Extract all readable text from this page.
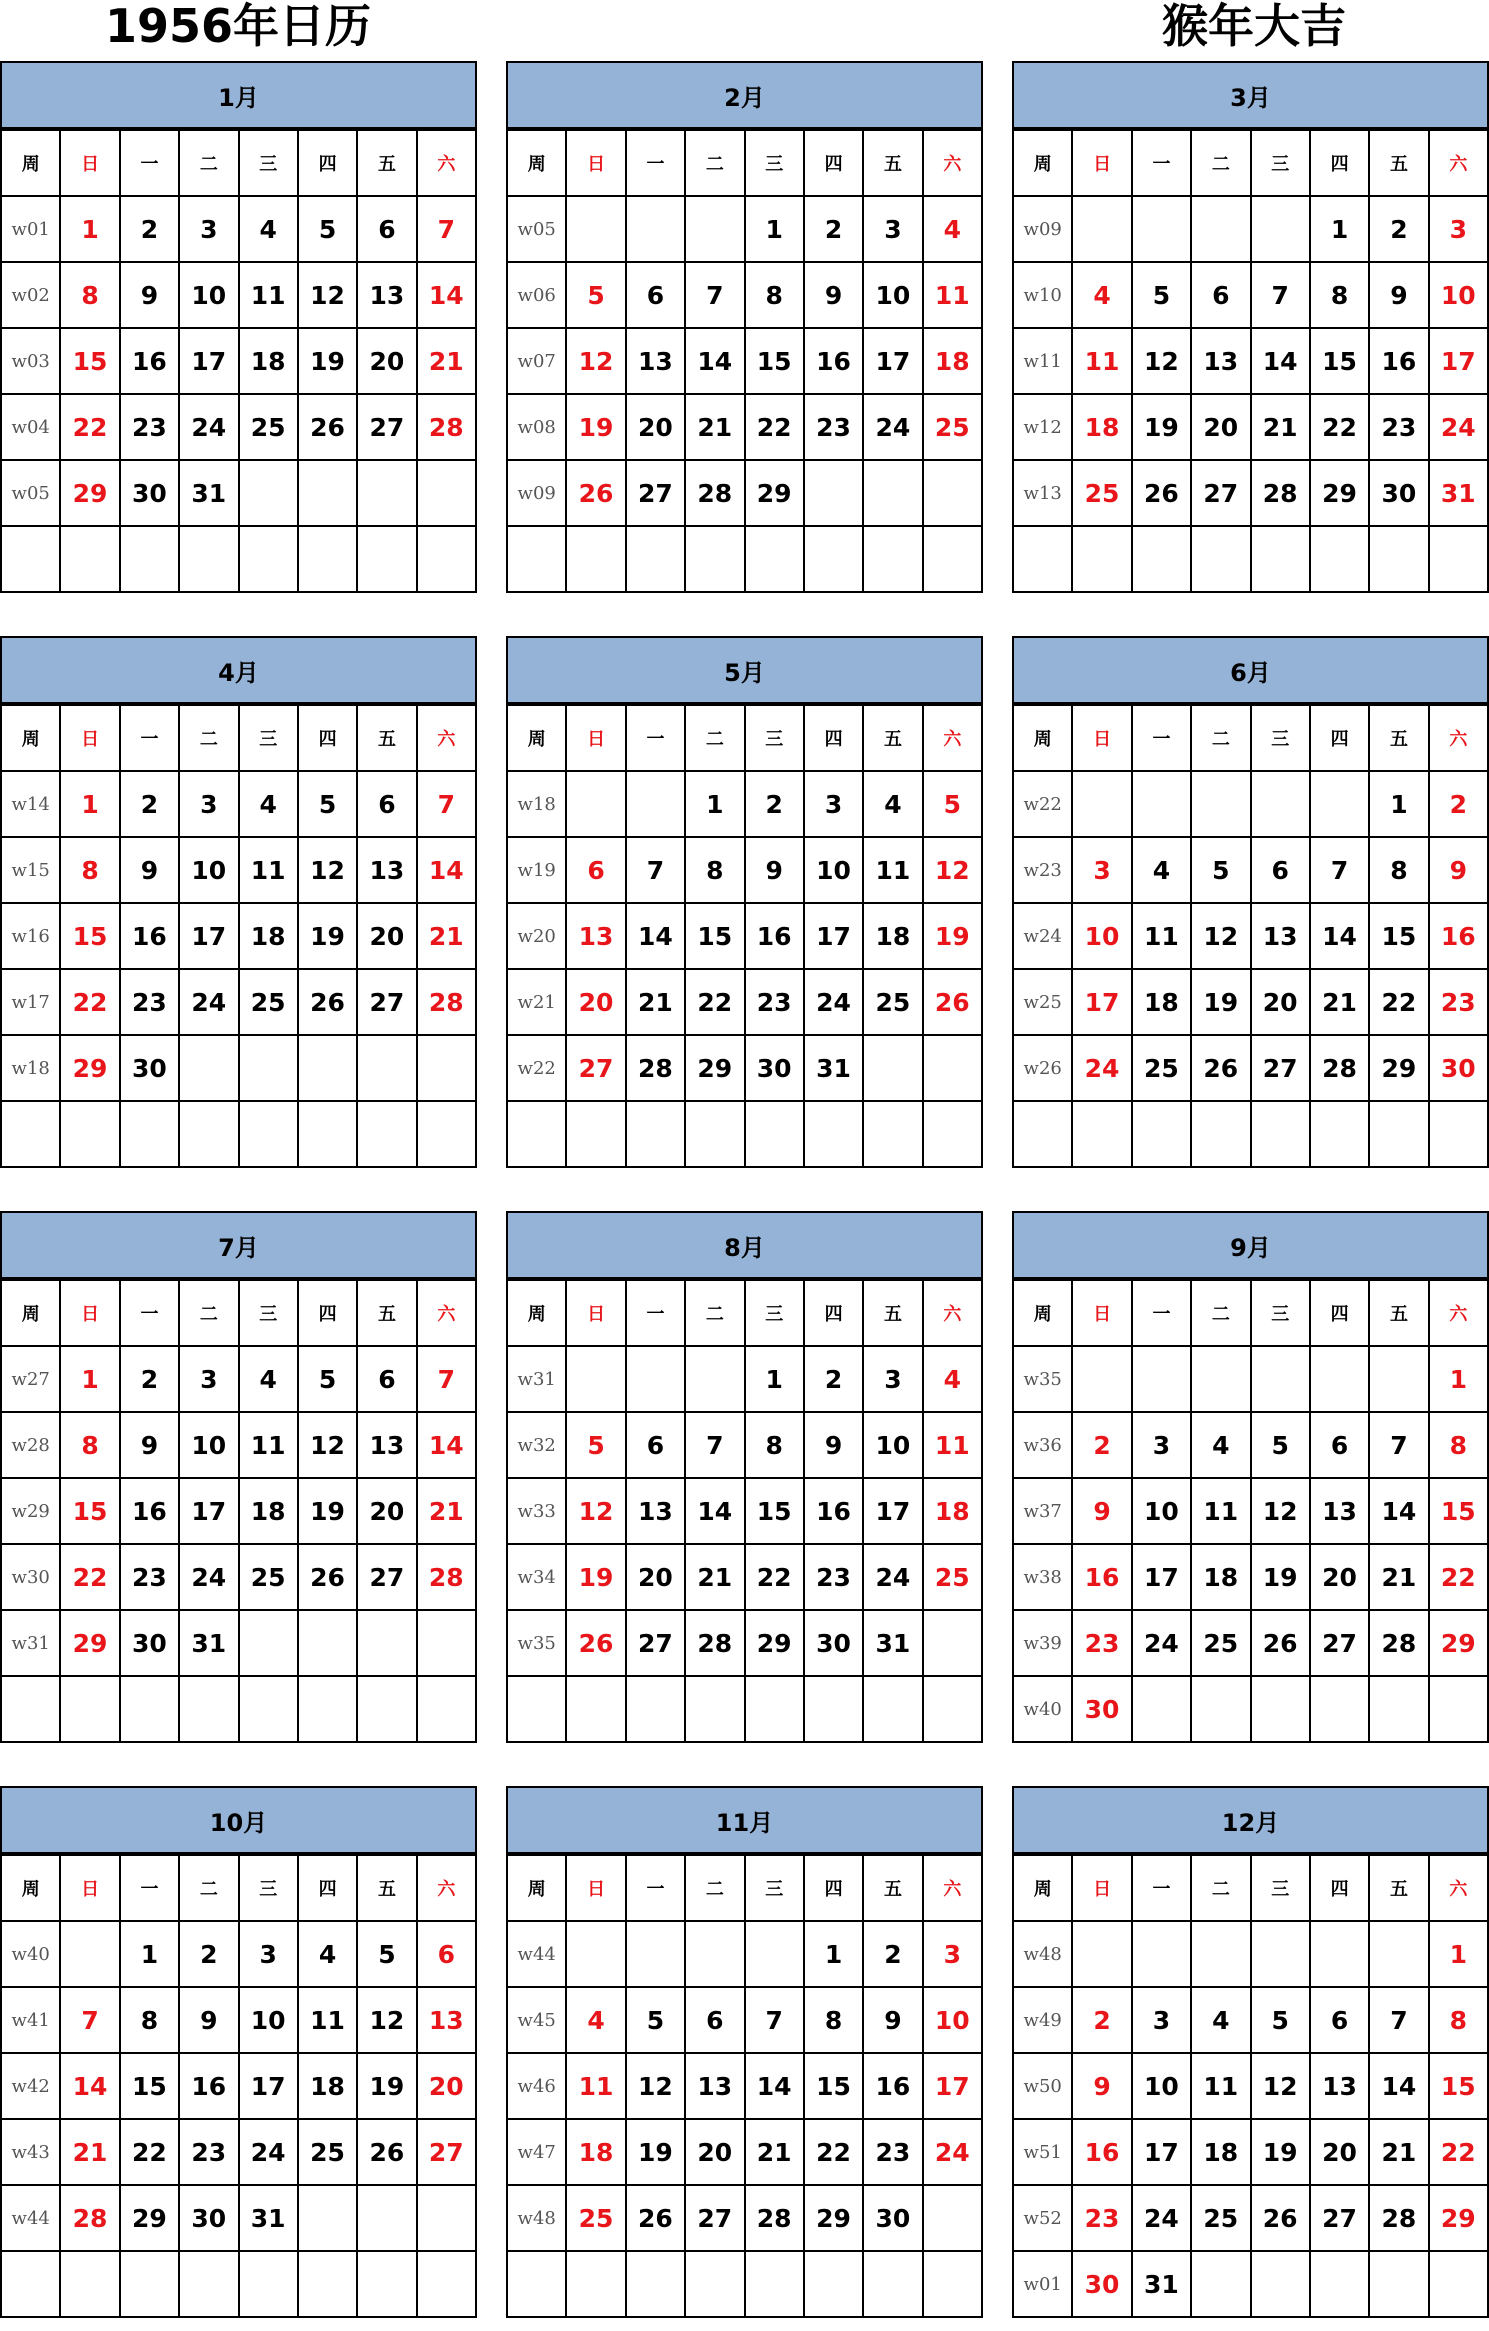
1956年日历	猴年大吉
1月
周	日	一	二	三	四	五	六
w01	1	2	3	4	5	6	7
w02	8	9	10	11	12	13	14
w03	15	16	17	18	19	20	21
w04	22	23	24	25	26	27	28
w05	29	30	31				

2月
周	日	一	二	三	四	五	六
w05				1	2	3	4
w06	5	6	7	8	9	10	11
w07	12	13	14	15	16	17	18
w08	19	20	21	22	23	24	25
w09	26	27	28	29			

3月
周	日	一	二	三	四	五	六
w09					1	2	3
w10	4	5	6	7	8	9	10
w11	11	12	13	14	15	16	17
w12	18	19	20	21	22	23	24
w13	25	26	27	28	29	30	31

4月
周	日	一	二	三	四	五	六
w14	1	2	3	4	5	6	7
w15	8	9	10	11	12	13	14
w16	15	16	17	18	19	20	21
w17	22	23	24	25	26	27	28
w18	29	30					

5月
周	日	一	二	三	四	五	六
w18			1	2	3	4	5
w19	6	7	8	9	10	11	12
w20	13	14	15	16	17	18	19
w21	20	21	22	23	24	25	26
w22	27	28	29	30	31		

6月
周	日	一	二	三	四	五	六
w22						1	2
w23	3	4	5	6	7	8	9
w24	10	11	12	13	14	15	16
w25	17	18	19	20	21	22	23
w26	24	25	26	27	28	29	30

7月
周	日	一	二	三	四	五	六
w27	1	2	3	4	5	6	7
w28	8	9	10	11	12	13	14
w29	15	16	17	18	19	20	21
w30	22	23	24	25	26	27	28
w31	29	30	31				

8月
周	日	一	二	三	四	五	六
w31				1	2	3	4
w32	5	6	7	8	9	10	11
w33	12	13	14	15	16	17	18
w34	19	20	21	22	23	24	25
w35	26	27	28	29	30	31	

9月
周	日	一	二	三	四	五	六
w35							1
w36	2	3	4	5	6	7	8
w37	9	10	11	12	13	14	15
w38	16	17	18	19	20	21	22
w39	23	24	25	26	27	28	29
w40	30						
10月
周	日	一	二	三	四	五	六
w40		1	2	3	4	5	6
w41	7	8	9	10	11	12	13
w42	14	15	16	17	18	19	20
w43	21	22	23	24	25	26	27
w44	28	29	30	31			

11月
周	日	一	二	三	四	五	六
w44					1	2	3
w45	4	5	6	7	8	9	10
w46	11	12	13	14	15	16	17
w47	18	19	20	21	22	23	24
w48	25	26	27	28	29	30	

12月
周	日	一	二	三	四	五	六
w48							1
w49	2	3	4	5	6	7	8
w50	9	10	11	12	13	14	15
w51	16	17	18	19	20	21	22
w52	23	24	25	26	27	28	29
w01	30	31					
